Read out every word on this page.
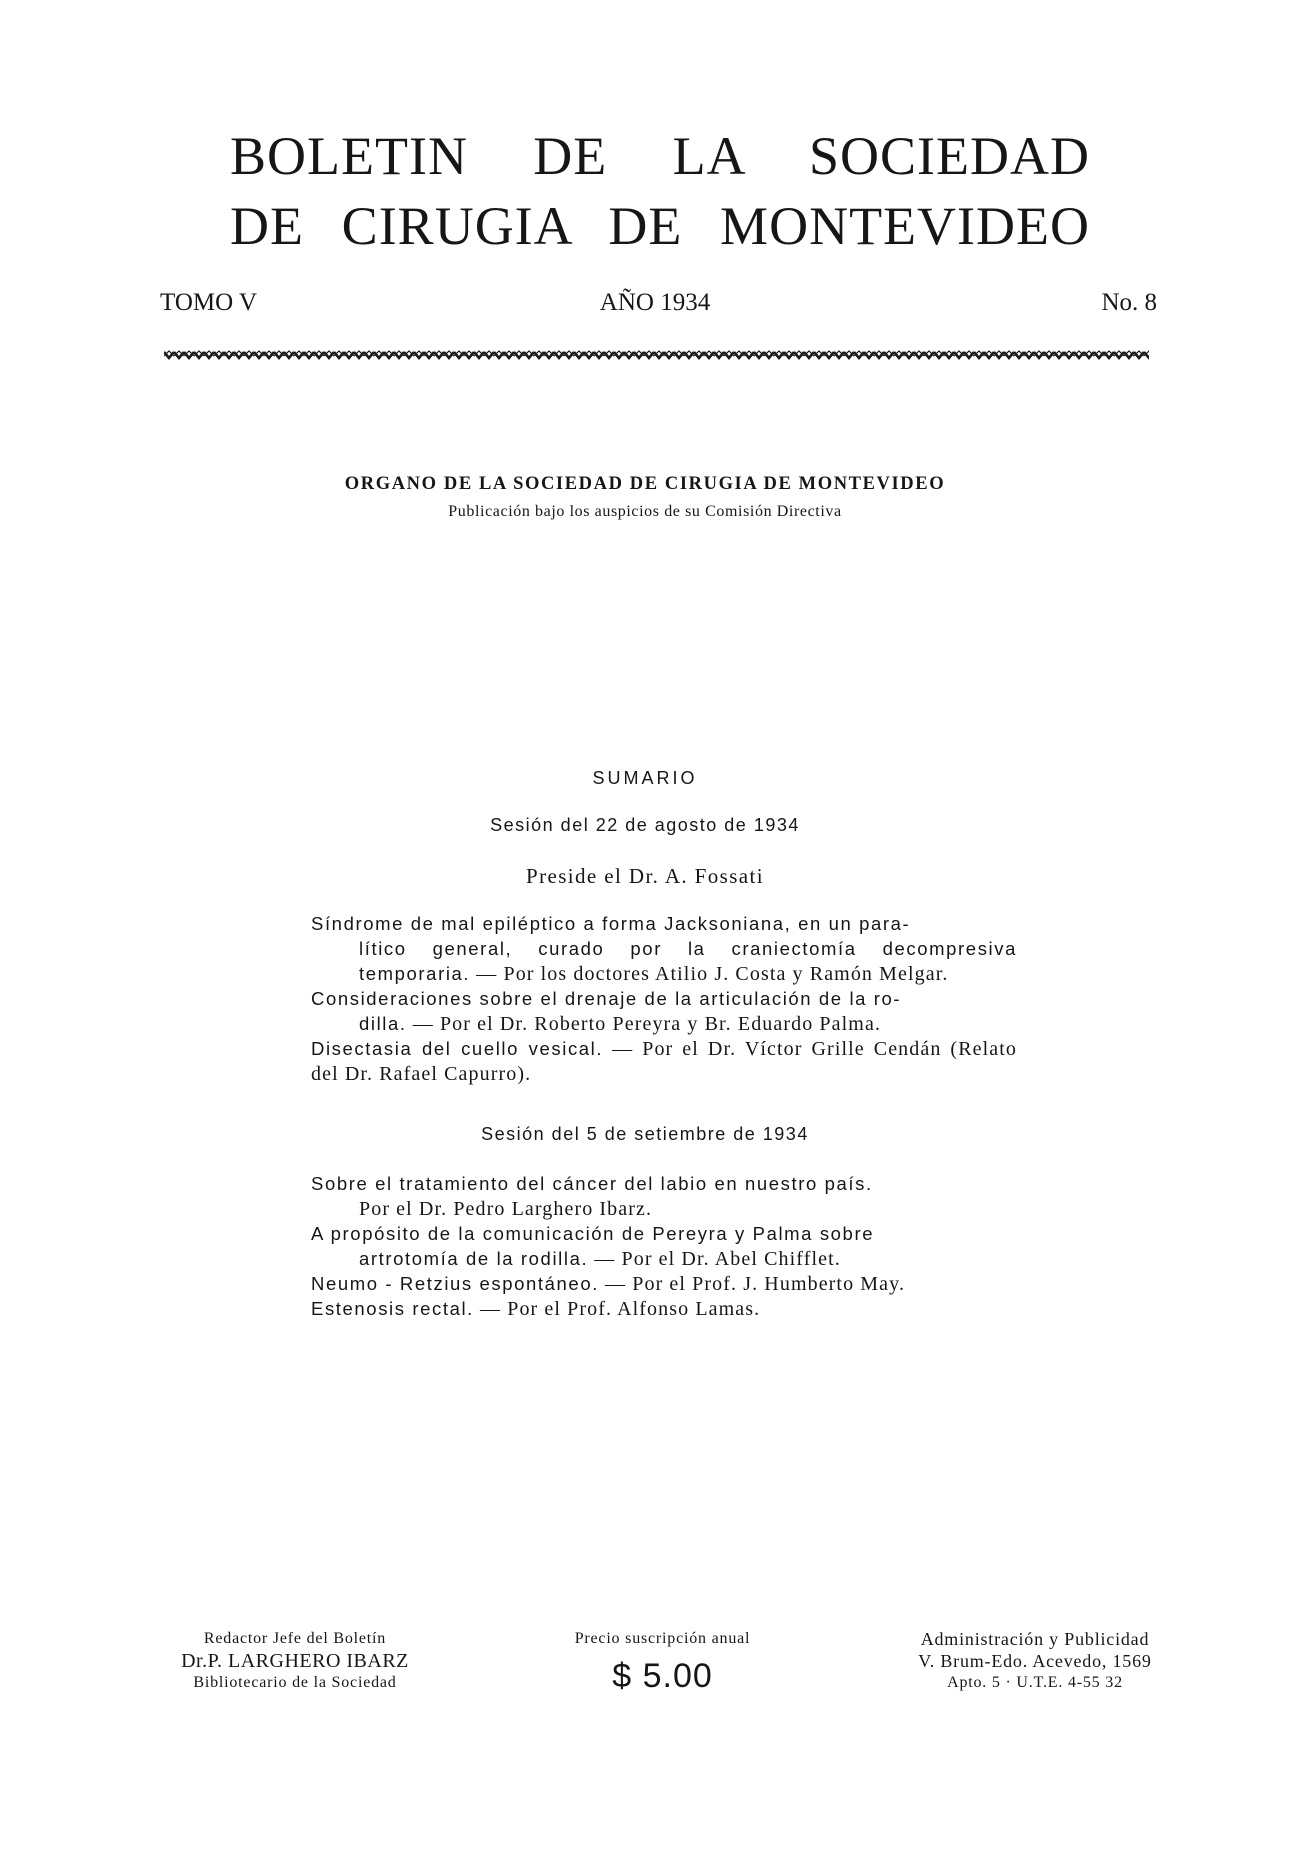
BOLETIN DE LA SOCIEDAD
DE CIRUGIA DE MONTEVIDEO
TOMO V	AÑO 1934	No. 8
ORGANO DE LA SOCIEDAD DE CIRUGIA DE MONTEVIDEO
Publicación bajo los auspicios de su Comisión Directiva
SUMARIO
Sesión del 22 de agosto de 1934
Preside el Dr. A. Fossati

Síndrome de mal epiléptico a forma Jacksoniana, en un para-
lítico general, curado por la craniectomía decompresiva temporaria. — Por los doctores Atilio J. Costa y Ramón Melgar.

Consideraciones sobre el drenaje de la articulación de la ro-
dilla. — Por el Dr. Roberto Pereyra y Br. Eduardo Palma.

Disectasia del cuello vesical. — Por el Dr. Víctor Grille Cendán (Relato del Dr. Rafael Capurro).

Sesión del 5 de setiembre de 1934

Sobre el tratamiento del cáncer del labio en nuestro país.
Por el Dr. Pedro Larghero Ibarz.

A propósito de la comunicación de Pereyra y Palma sobre
artrotomía de la rodilla. — Por el Dr. Abel Chifflet.

Neumo - Retzius espontáneo. — Por el Prof. J. Humberto May.

Estenosis rectal. — Por el Prof. Alfonso Lamas.

Redactor Jefe del Boletín
Dr.P. LARGHERO IBARZ
Bibliotecario de la Sociedad
Precio suscripción anual
$ 5.00
Administración y Publicidad
V. Brum-Edo. Acevedo, 1569
Apto. 5 · U.T.E. 4-55 32
